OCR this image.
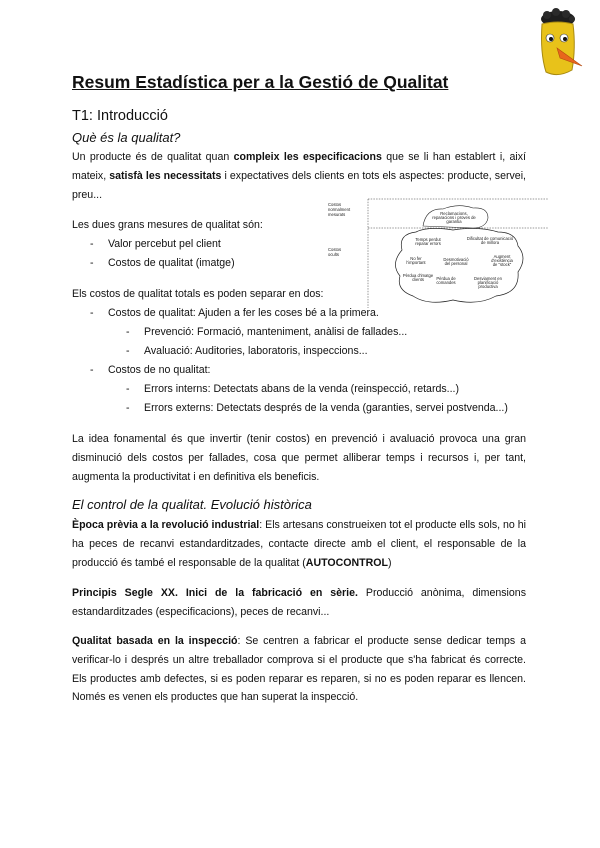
Resum Estadística per a la Gestió de Qualitat
T1: Introducció
Què és la qualitat?

Un producte és de qualitat quan compleix les especificacions que se li han establert i, així mateix, satisfà les necessitats i expectatives dels clients en tots els aspectes: producte, servei, preu...

Les dues grans mesures de qualitat són:

- Valor percebut pel client

- Costos de qualitat (imatge)

Costos
normalment
mesurats
Costos
ocults
Reclamacions,
reparacions i proves de
garantia
Temps perdut
reparar errors
Dificultat de comunicació
de millora
No fer
l'important
Desmotivació
del personal
Augment
d'existència
de "stock"
Pèrdua de
comandes
Desviament en
planificació
productiva
Pèrdua d'imatge
clients

Els costos de qualitat totals es poden separar en dos:

- Costos de qualitat: Ajuden a fer les coses bé a la primera.

- Prevenció: Formació, manteniment, anàlisi de fallades...

- Avaluació: Auditories, laboratoris, inspeccions...

- Costos de no qualitat:

- Errors interns: Detectats abans de la venda (reinspecció, retards...)

- Errors externs: Detectats després de la venda (garanties, servei postvenda...)

La idea fonamental és que invertir (tenir costos) en prevenció i avaluació provoca una gran disminució dels costos per fallades, cosa que permet alliberar temps i recursos i, per tant, augmenta la productivitat i en definitiva els beneficis.

El control de la qualitat. Evolució històrica

Època prèvia a la revolució industrial: Els artesans construeixen tot el producte ells sols, no hi ha peces de recanvi estandarditzades, contacte directe amb el client, el responsable de la producció és també el responsable de la qualitat (AUTOCONTROL)

Principis Segle XX. Inici de la fabricació en sèrie. Producció anònima, dimensions estandarditzades (especificacions), peces de recanvi...

Qualitat basada en la inspecció: Se centren a fabricar el producte sense dedicar temps a verificar-lo i després un altre treballador comprova si el producte que s'ha fabricat és correcte. Els productes amb defectes, si es poden reparar es reparen, si no es poden reparar es llencen. Només es venen els productes que han superat la inspecció.
